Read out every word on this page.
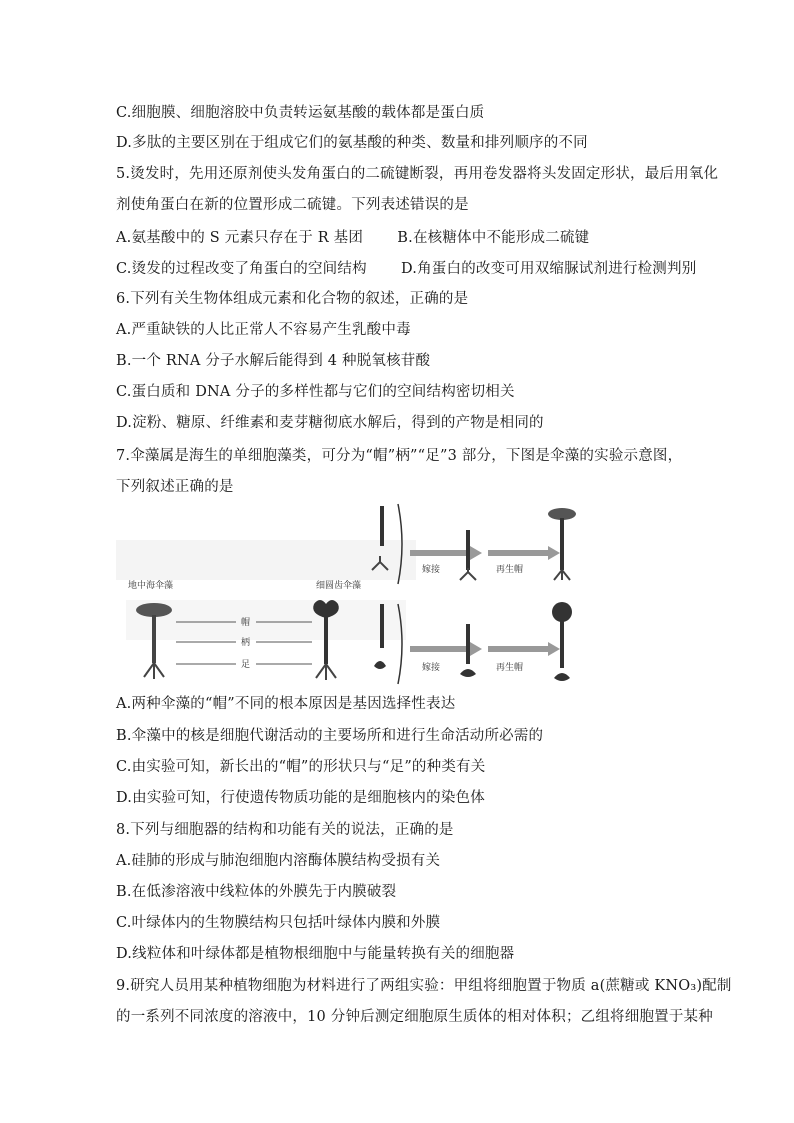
C.细胞膜、细胞溶胶中负责转运氨基酸的载体都是蛋白质
D.多肽的主要区别在于组成它们的氨基酸的种类、数量和排列顺序的不同
5.烫发时，先用还原剂使头发角蛋白的二硫键断裂，再用卷发器将头发固定形状，最后用氧化
剂使角蛋白在新的位置形成二硫键。下列表述错误的是
A.氨基酸中的 S 元素只存在于 R 基团　　 B.在核糖体中不能形成二硫键
C.烫发的过程改变了角蛋白的空间结构　　 D.角蛋白的改变可用双缩脲试剂进行检测判别
6.下列有关生物体组成元素和化合物的叙述，正确的是
A.严重缺铁的人比正常人不容易产生乳酸中毒
B.一个 RNA 分子水解后能得到 4 种脱氧核苷酸
C.蛋白质和 DNA 分子的多样性都与它们的空间结构密切相关
D.淀粉、糖原、纤维素和麦芽糖彻底水解后，得到的产物是相同的
7.伞藻属是海生的单细胞藻类，可分为“帽”柄”“足”3 部分，下图是伞藻的实验示意图，
下列叙述正确的是
地中海伞藻	细圆齿伞藻
帽
柄
足
嫁接	再生帽
嫁接	再生帽
A.两种伞藻的“帽”不同的根本原因是基因选择性表达
B.伞藻中的核是细胞代谢活动的主要场所和进行生命活动所必需的
C.由实验可知，新长出的“帽”的形状只与“足”的种类有关
D.由实验可知，行使遗传物质功能的是细胞核内的染色体
8.下列与细胞器的结构和功能有关的说法，正确的是
A.硅肺的形成与肺泡细胞内溶酶体膜结构受损有关
B.在低渗溶液中线粒体的外膜先于内膜破裂
C.叶绿体内的生物膜结构只包括叶绿体内膜和外膜
D.线粒体和叶绿体都是植物根细胞中与能量转换有关的细胞器
9.研究人员用某种植物细胞为材料进行了两组实验：甲组将细胞置于物质 a(蔗糖或 KNO₃)配制
的一系列不同浓度的溶液中，10 分钟后测定细胞原生质体的相对体积；乙组将细胞置于某种
